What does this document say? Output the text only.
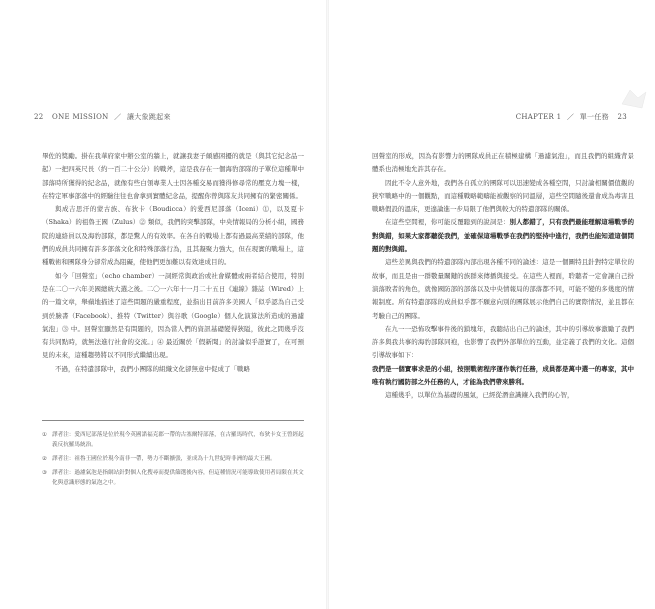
22 ONE MISSION ／ 讓大象跳起來

畢佐的獎勵。掛在我華府家中辦公室的牆上，就讓我妻子頗感困擾的就是（與其它紀念品一起）一把四英尺長（約一百二十公分）的戰斧，這是我存在一個海豹部隊的子單位這種單中部落時所獲得的紀念品，就像有些白領專業人士因各種交易而獲得修尋常的壓克力塊一樣，在特定軍事部落中的經驗往往也會拿到實體紀念品，提醒你曾與隊友共同擁有的緊密關係。

與成吉思汗的蒙古族、布狄卡（Boudicca）的愛西尼部落（Iceni）⓵，以及夏卡（Shaka）的祖魯王國（Zulus）⓶ 類似，我們的突擊部隊，中央情報局的分析小組，國務院的連絡員以及海豹部隊，都是驚人的有效率。在各自的戰場上都有過最高業績的部隊，他們的成員共同擁有許多部落文化和特殊部落行為，且其凝聚力強大，但在現實的戰場上，這種戰術和團隊身分卻常成為阻礙，使他們更加難以有效達成目的。

如今「回聲室」（echo chamber）一詞經常與政治或社會媒體或兩者結合使用，特別是在二〇一六年美國總統大選之後。二〇一六年十一月二十五日《連線》雜誌（Wired）上的一篇文章，舉蘋地描述了這些問題的嚴重程度，並指出目前許多美國人「似乎認為自己受到於臉書（Facebook）、推特（Twitter）與谷歌（Google）個人化演算法所造成的過濾氣泡」⓷ 中。回聲室顯然是有問題的，因為當人們的資訊基礎變得狹隘，彼此之間幾乎沒有共同點時，就無法進行社會的交流。」⓸ 最近關於「假新聞」的討論似乎證實了，在可預見的未來，這種趨勢將以不同形式繼續出現。

不過，在特遣部隊中，我們小團隊的組織文化卻無意中促成了「戰略

① 譯者注：愛西尼部落是位於現今英國諾福克郡一帶的古塞爾特部落，在古羅馬時代，布狄卡女王曾經起義反抗羅馬統治。
② 譯者注：祖魯王國位於現今南非一帶，勢力不斷擴張，並成為十九世紀時非洲的最大王國。
③ 譯者注：過濾氣泡是指網站針對個人化搜尋而提供篩選後內容，但這種情況可能導致使用者局限在其文化與意識形態的氣泡之中。
CHAPTER 1 ／ 單一任務 23

回聲室的形成，因為有影響力的團隊成員正在積極建構「過濾氣泡」，而且我們的組織背景體系也消極地允許其存在。

因此不令人意外地，我們各自孤立的團隊可以迅速變成各種空間，只討論相關價值觀的狹窄戰略中的一個觀點，而這種戰略範疇能被觀察的同溫層，這些空間隨後還會成為毒害且戰略假設的溫床，更遑論進一步局限了他們與較大的特遣部隊的關係。

在這些空間裡，你可能反覆聽到的說詞是：別人都錯了，只有我們最能理解這場戰爭的對與錯，如果大家都聽從我們，並確保這場戰爭在我們的堅持中進行，我們也能知道這個問題的對與錯。

這些差異與我們的特遣部隊內部出現各種不同的論述：這是一個圖特且針對特定單位的故事，而且是由一群數量關鍵的族群來傳播與接受。在這些人裡面，聆聽者一定會讓自己扮演落敗者的角色，就像國防部的部落以及中央情報局的部落都不同，可能不變的多幾度的情報制度。所有特遣部隊的成員似乎都不願意向別的團隊展示他們自己的實際情況，並且都在考驗自己的團隊。

在九一一恐怖攻擊事件後的鎖塊年，我聽結出自己的論述，其中的引導故事激勵了我們許多與我共事的海豹部隊同袍，也影響了我們外部單位的互動，並定義了我們的文化。這個引導故事如下：

我們是一個實事求是的小組，按照戰術程序運作執行任務，成員都是萬中選一的專家，其中唯有執行國防部之外任務的人，才能為我們帶來勝利。

這種幾乎，以單位為基礎的風氣，已經從潛意識鑲入我們的心智，
